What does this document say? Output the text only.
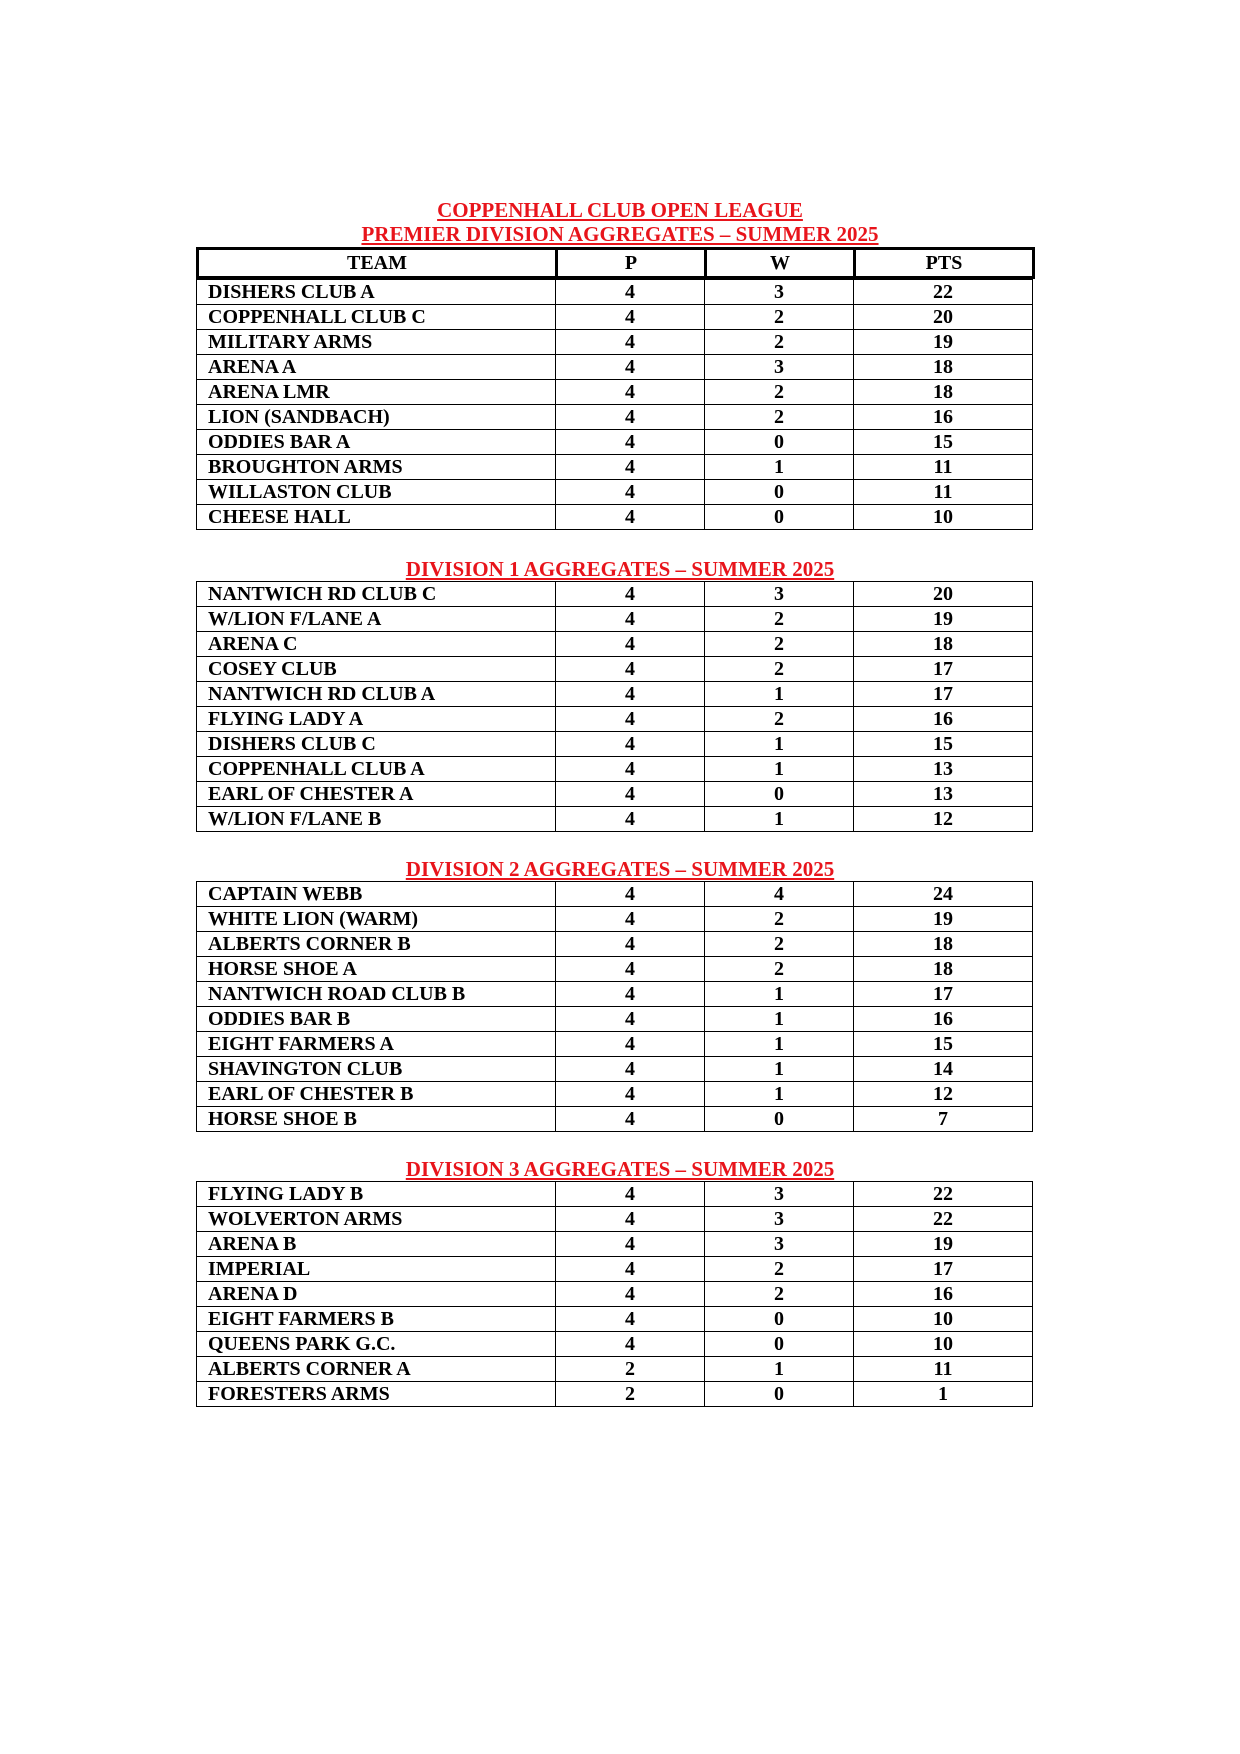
COPPENHALL CLUB OPEN LEAGUE
PREMIER DIVISION AGGREGATES – SUMMER 2025
TEAM	P	W	PTS
DISHERS CLUB A	4	3	22
COPPENHALL CLUB C	4	2	20
MILITARY ARMS	4	2	19
ARENA A	4	3	18
ARENA LMR	4	2	18
LION (SANDBACH)	4	2	16
ODDIES BAR A	4	0	15
BROUGHTON ARMS	4	1	11
WILLASTON CLUB	4	0	11
CHEESE HALL	4	0	10
DIVISION 1 AGGREGATES – SUMMER 2025
NANTWICH RD CLUB C	4	3	20
W/LION F/LANE A	4	2	19
ARENA C	4	2	18
COSEY CLUB	4	2	17
NANTWICH RD CLUB A	4	1	17
FLYING LADY A	4	2	16
DISHERS CLUB C	4	1	15
COPPENHALL CLUB A	4	1	13
EARL OF CHESTER A	4	0	13
W/LION F/LANE B	4	1	12
DIVISION 2 AGGREGATES – SUMMER 2025
CAPTAIN WEBB	4	4	24
WHITE LION (WARM)	4	2	19
ALBERTS CORNER B	4	2	18
HORSE SHOE A	4	2	18
NANTWICH ROAD CLUB B	4	1	17
ODDIES BAR B	4	1	16
EIGHT FARMERS A	4	1	15
SHAVINGTON CLUB	4	1	14
EARL OF CHESTER B	4	1	12
HORSE SHOE B	4	0	7
DIVISION 3 AGGREGATES – SUMMER 2025
FLYING LADY B	4	3	22
WOLVERTON ARMS	4	3	22
ARENA B	4	3	19
IMPERIAL	4	2	17
ARENA D	4	2	16
EIGHT FARMERS B	4	0	10
QUEENS PARK G.C.	4	0	10
ALBERTS CORNER A	2	1	11
FORESTERS ARMS	2	0	1
